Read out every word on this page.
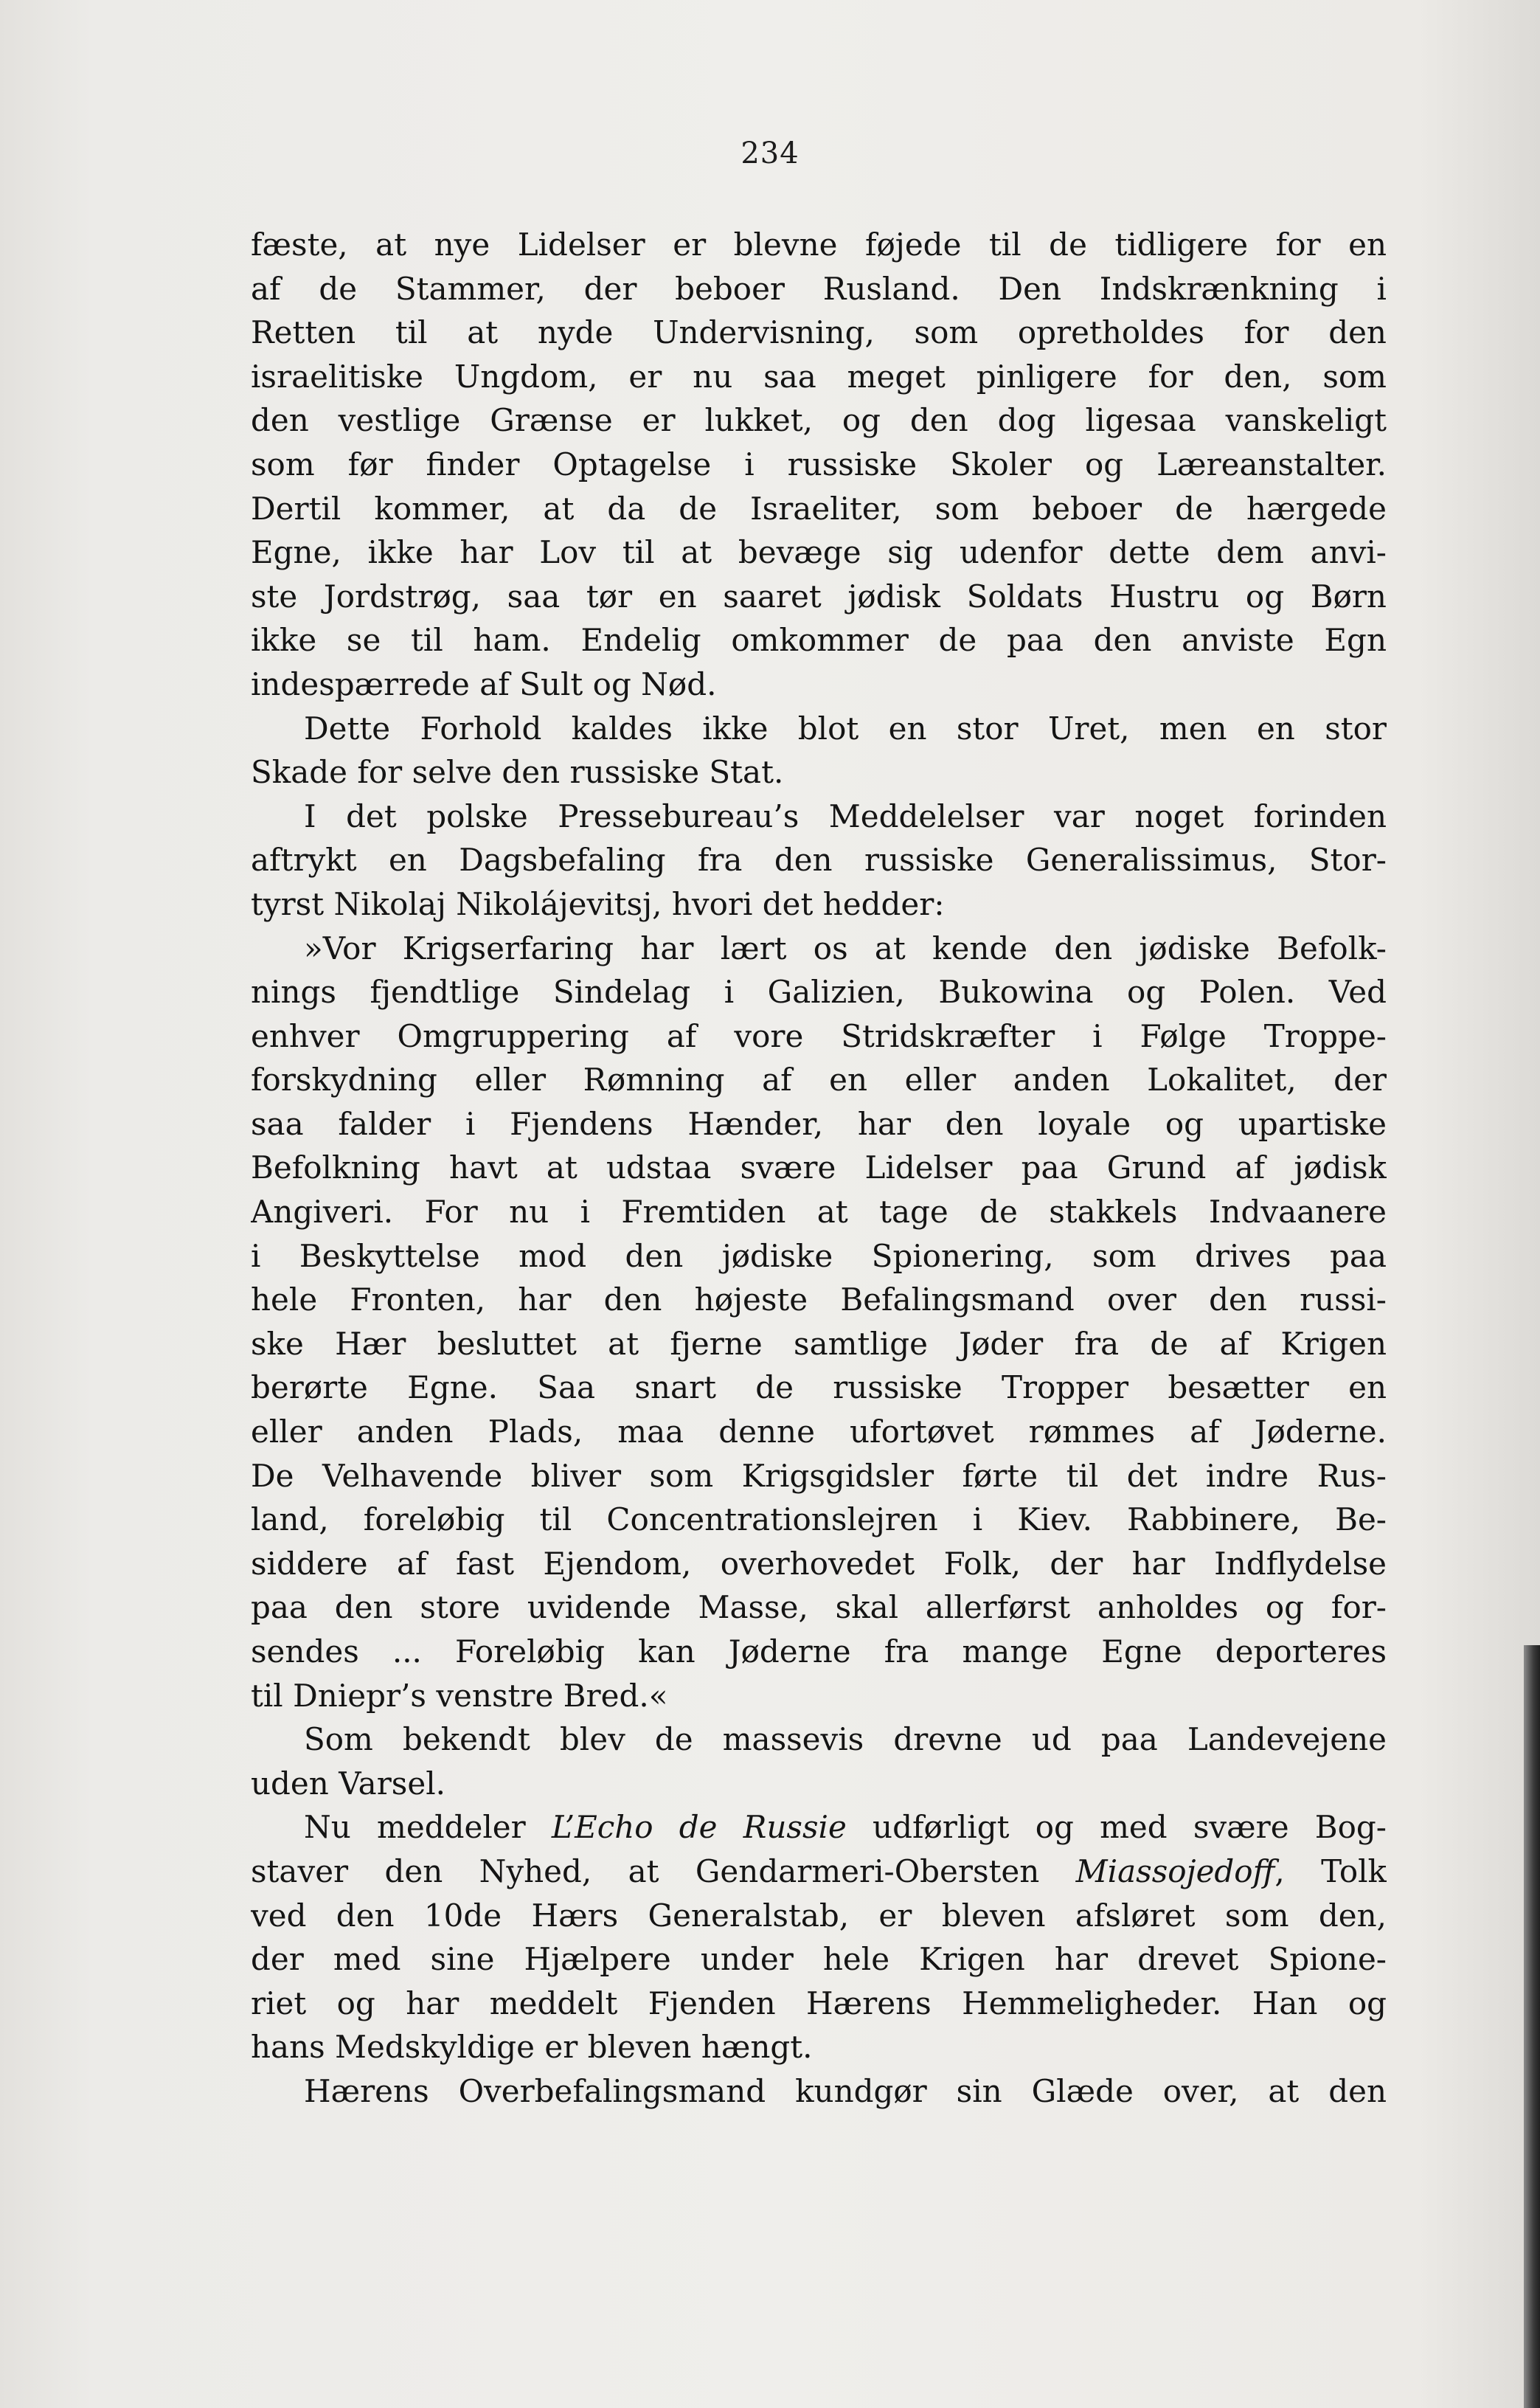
234
fæste, at nye Lidelser er blevne føjede til de tidligere for en
af de Stammer, der beboer Rusland. Den Indskrænkning i
Retten til at nyde Undervisning, som opretholdes for den
israelitiske Ungdom, er nu saa meget pinligere for den, som
den vestlige Grænse er lukket, og den dog ligesaa vanskeligt
som før finder Optagelse i russiske Skoler og Læreanstalter.
Dertil kommer, at da de Israeliter, som beboer de hærgede
Egne, ikke har Lov til at bevæge sig udenfor dette dem anvi-
ste Jordstrøg, saa tør en saaret jødisk Soldats Hustru og Børn
ikke se til ham. Endelig omkommer de paa den anviste Egn
indespærrede af Sult og Nød.
Dette Forhold kaldes ikke blot en stor Uret, men en stor
Skade for selve den russiske Stat.
I det polske Pressebureau’s Meddelelser var noget forinden
aftrykt en Dagsbefaling fra den russiske Generalissimus, Stor-
tyrst Nikolaj Nikolájevitsj, hvori det hedder:
»Vor Krigserfaring har lært os at kende den jødiske Befolk-
nings fjendtlige Sindelag i Galizien, Bukowina og Polen. Ved
enhver Omgruppering af vore Stridskræfter i Følge Troppe-
forskydning eller Rømning af en eller anden Lokalitet, der
saa falder i Fjendens Hænder, har den loyale og upartiske
Befolkning havt at udstaa svære Lidelser paa Grund af jødisk
Angiveri. For nu i Fremtiden at tage de stakkels Indvaanere
i Beskyttelse mod den jødiske Spionering, som drives paa
hele Fronten, har den højeste Befalingsmand over den russi-
ske Hær besluttet at fjerne samtlige Jøder fra de af Krigen
berørte Egne. Saa snart de russiske Tropper besætter en
eller anden Plads, maa denne ufortøvet rømmes af Jøderne.
De Velhavende bliver som Krigsgidsler førte til det indre Rus-
land, foreløbig til Concentrationslejren i Kiev. Rabbinere, Be-
siddere af fast Ejendom, overhovedet Folk, der har Indflydelse
paa den store uvidende Masse, skal allerførst anholdes og for-
sendes ... Foreløbig kan Jøderne fra mange Egne deporteres
til Dniepr’s venstre Bred.«
Som bekendt blev de massevis drevne ud paa Landevejene
uden Varsel.
Nu meddeler L’Echo de Russie udførligt og med svære Bog-
staver den Nyhed, at Gendarmeri-Obersten Miassojedoff, Tolk
ved den 10de Hærs Generalstab, er bleven afsløret som den,
der med sine Hjælpere under hele Krigen har drevet Spione-
riet og har meddelt Fjenden Hærens Hemmeligheder. Han og
hans Medskyldige er bleven hængt.
Hærens Overbefalingsmand kundgør sin Glæde over, at den
